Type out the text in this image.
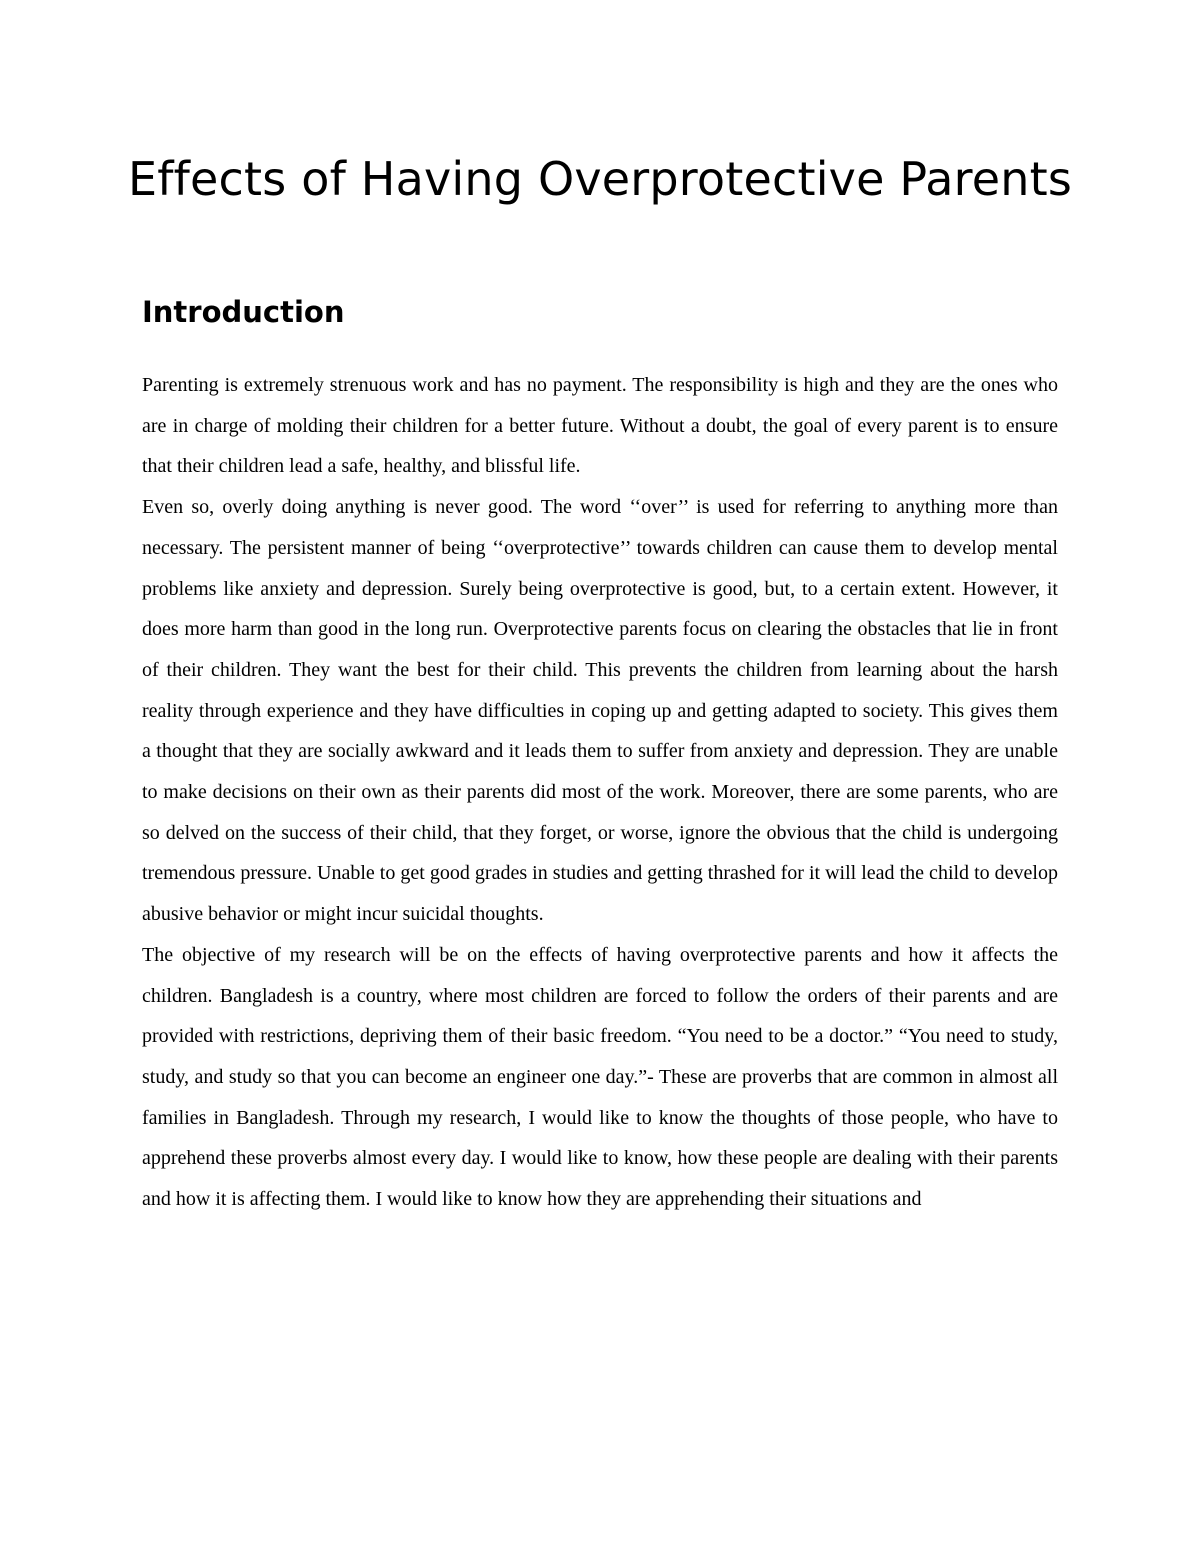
Effects of Having Overprotective Parents
Introduction

Parenting is extremely strenuous work and has no payment. The responsibility is high and they are the ones who are in charge of molding their children for a better future. Without a doubt, the goal of every parent is to ensure that their children lead a safe, healthy, and blissful life.

Even so, overly doing anything is never good. The word ‘‘over’’ is used for referring to anything more than necessary. The persistent manner of being ‘‘overprotective’’ towards children can cause them to develop mental problems like anxiety and depression. Surely being overprotective is good, but, to a certain extent. However, it does more harm than good in the long run. Overprotective parents focus on clearing the obstacles that lie in front of their children. They want the best for their child. This prevents the children from learning about the harsh reality through experience and they have difficulties in coping up and getting adapted to society. This gives them a thought that they are socially awkward and it leads them to suffer from anxiety and depression. They are unable to make decisions on their own as their parents did most of the work. Moreover, there are some parents, who are so delved on the success of their child, that they forget, or worse, ignore the obvious that the child is undergoing tremendous pressure. Unable to get good grades in studies and getting thrashed for it will lead the child to develop abusive behavior or might incur suicidal thoughts.

The objective of my research will be on the effects of having overprotective parents and how it affects the children. Bangladesh is a country, where most children are forced to follow the orders of their parents and are provided with restrictions, depriving them of their basic freedom. “You need to be a doctor.” “You need to study, study, and study so that you can become an engineer one day.”- These are proverbs that are common in almost all families in Bangladesh. Through my research, I would like to know the thoughts of those people, who have to apprehend these proverbs almost every day. I would like to know, how these people are dealing with their parents and how it is affecting them. I would like to know how they are apprehending their situations and
